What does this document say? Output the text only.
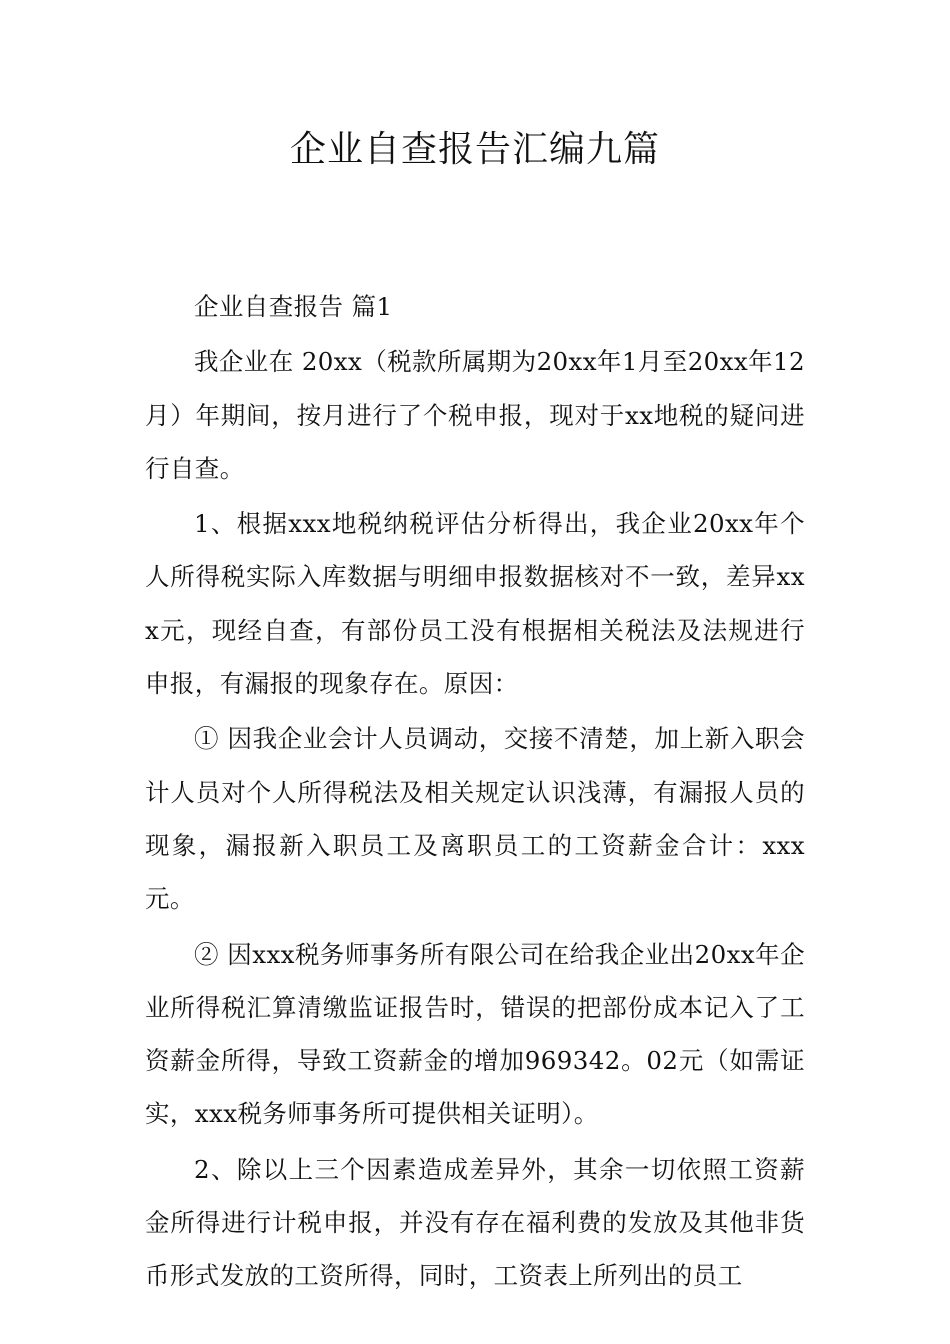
企业自查报告汇编九篇

企业自查报告 篇1

我企业在 20xx（税款所属期为20xx年1月至20xx年12月）年期间，按月进行了个税申报，现对于xx地税的疑问进行自查。

1、根据xxx地税纳税评估分析得出，我企业20xx年个人所得税实际入库数据与明细申报数据核对不一致，差异xxx元，现经自查，有部份员工没有根据相关税法及法规进行申报，有漏报的现象存在。原因：

① 因我企业会计人员调动，交接不清楚，加上新入职会计人员对个人所得税法及相关规定认识浅薄，有漏报人员的现象，漏报新入职员工及离职员工的工资薪金合计：xxx元。

② 因xxx税务师事务所有限公司在给我企业出20xx年企业所得税汇算清缴监证报告时，错误的把部份成本记入了工资薪金所得，导致工资薪金的增加969342。02元（如需证实，xxx税务师事务所可提供相关证明）。

2、除以上三个因素造成差异外，其余一切依照工资薪金所得进行计税申报，并没有存在福利费的发放及其他非货币形式发放的工资所得，同时，工资表上所列出的员工
